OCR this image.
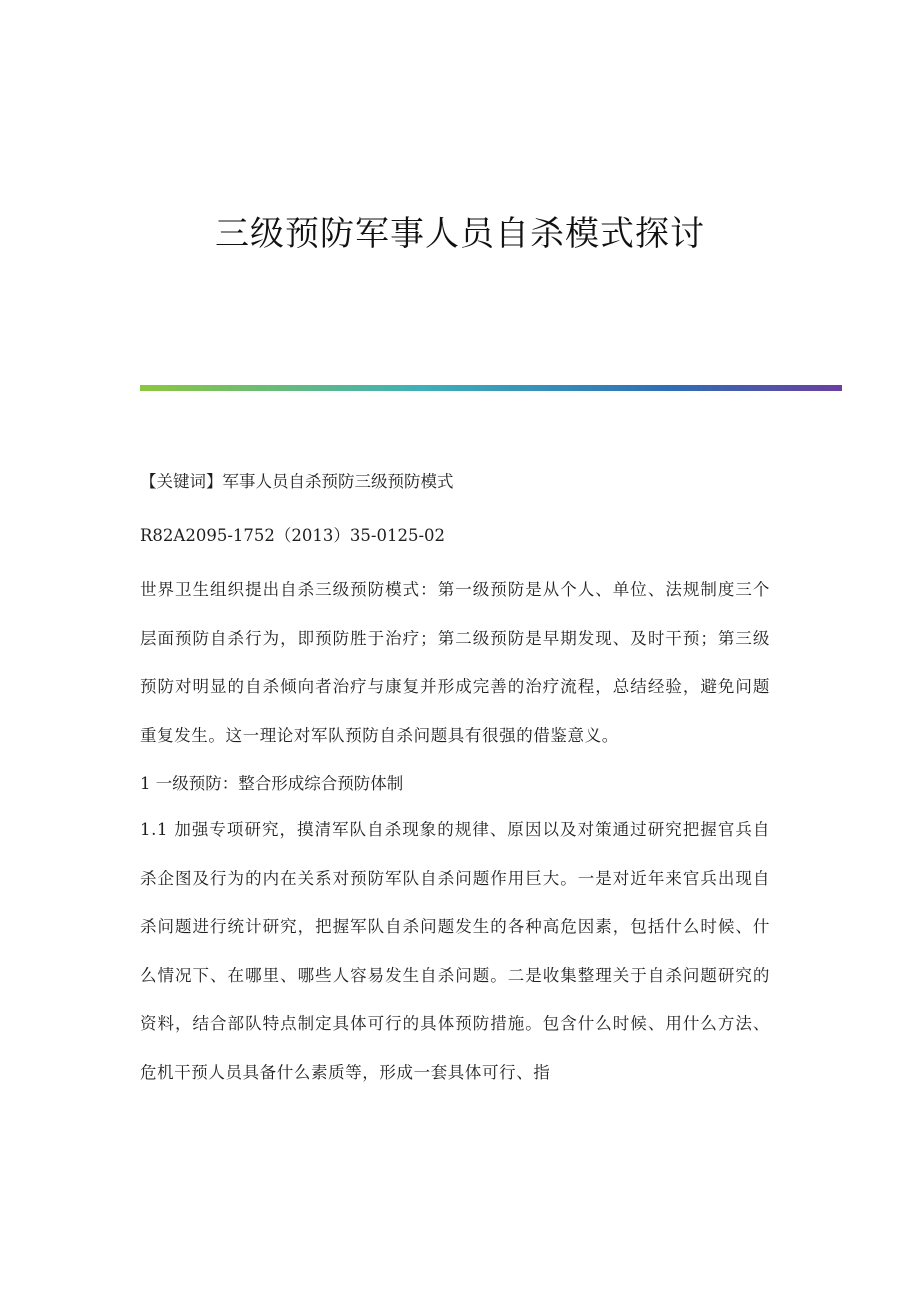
三级预防军事人员自杀模式探讨

【关键词】军事人员自杀预防三级预防模式

R82A2095-1752（2013）35-0125-02

世界卫生组织提出自杀三级预防模式：第一级预防是从个人、单位、法规制度三个层面预防自杀行为，即预防胜于治疗；第二级预防是早期发现、及时干预；第三级预防对明显的自杀倾向者治疗与康复并形成完善的治疗流程，总结经验，避免问题重复发生。这一理论对军队预防自杀问题具有很强的借鉴意义。

1 一级预防：整合形成综合预防体制

1.1 加强专项研究，摸清军队自杀现象的规律、原因以及对策通过研究把握官兵自杀企图及行为的内在关系对预防军队自杀问题作用巨大。一是对近年来官兵出现自杀问题进行统计研究，把握军队自杀问题发生的各种高危因素，包括什么时候、什么情况下、在哪里、哪些人容易发生自杀问题。二是收集整理关于自杀问题研究的资料，结合部队特点制定具体可行的具体预防措施。包含什么时候、用什么方法、危机干预人员具备什么素质等，形成一套具体可行、指
